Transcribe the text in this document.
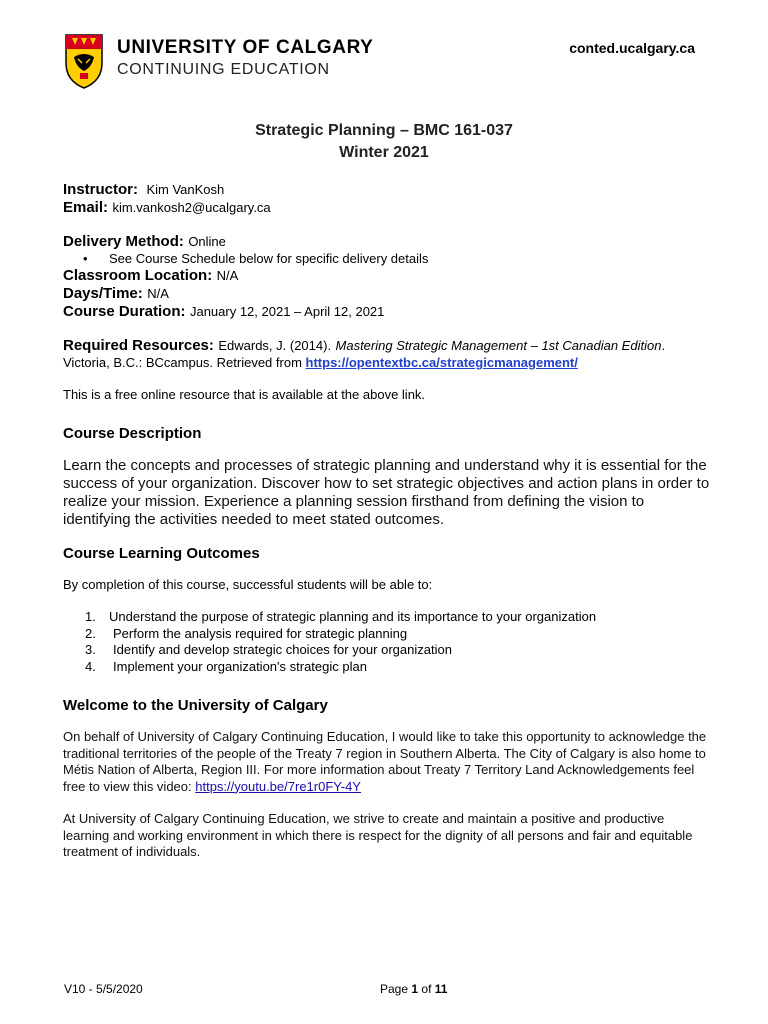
UNIVERSITY OF CALGARY
CONTINUING EDUCATION
conted.ucalgary.ca
Strategic Planning – BMC 161-037
Winter 2021
Instructor: Kim VanKosh
Email: kim.vankosh2@ucalgary.ca
Delivery Method: Online
• See Course Schedule below for specific delivery details
Classroom Location: N/A
Days/Time: N/A
Course Duration: January 12, 2021 – April 12, 2021
Required Resources: Edwards, J. (2014). Mastering Strategic Management – 1st Canadian Edition.
Victoria, B.C.: BCcampus. Retrieved from https://opentextbc.ca/strategicmanagement/
This is a free online resource that is available at the above link.
Course Description
Learn the concepts and processes of strategic planning and understand why it is essential for the success of your organization. Discover how to set strategic objectives and action plans in order to realize your mission. Experience a planning session firsthand from defining the vision to identifying the activities needed to meet stated outcomes.
Course Learning Outcomes
By completion of this course, successful students will be able to:
1. Understand the purpose of strategic planning and its importance to your organization
2. Perform the analysis required for strategic planning
3. Identify and develop strategic choices for your organization
4. Implement your organization's strategic plan
Welcome to the University of Calgary
On behalf of University of Calgary Continuing Education, I would like to take this opportunity to acknowledge the traditional territories of the people of the Treaty 7 region in Southern Alberta. The City of Calgary is also home to Métis Nation of Alberta, Region III. For more information about Treaty 7 Territory Land Acknowledgements feel free to view this video: https://youtu.be/7re1r0FY-4Y
At University of Calgary Continuing Education, we strive to create and maintain a positive and productive learning and working environment in which there is respect for the dignity of all persons and fair and equitable treatment of individuals.
V10 - 5/5/2020	Page 1 of 11
